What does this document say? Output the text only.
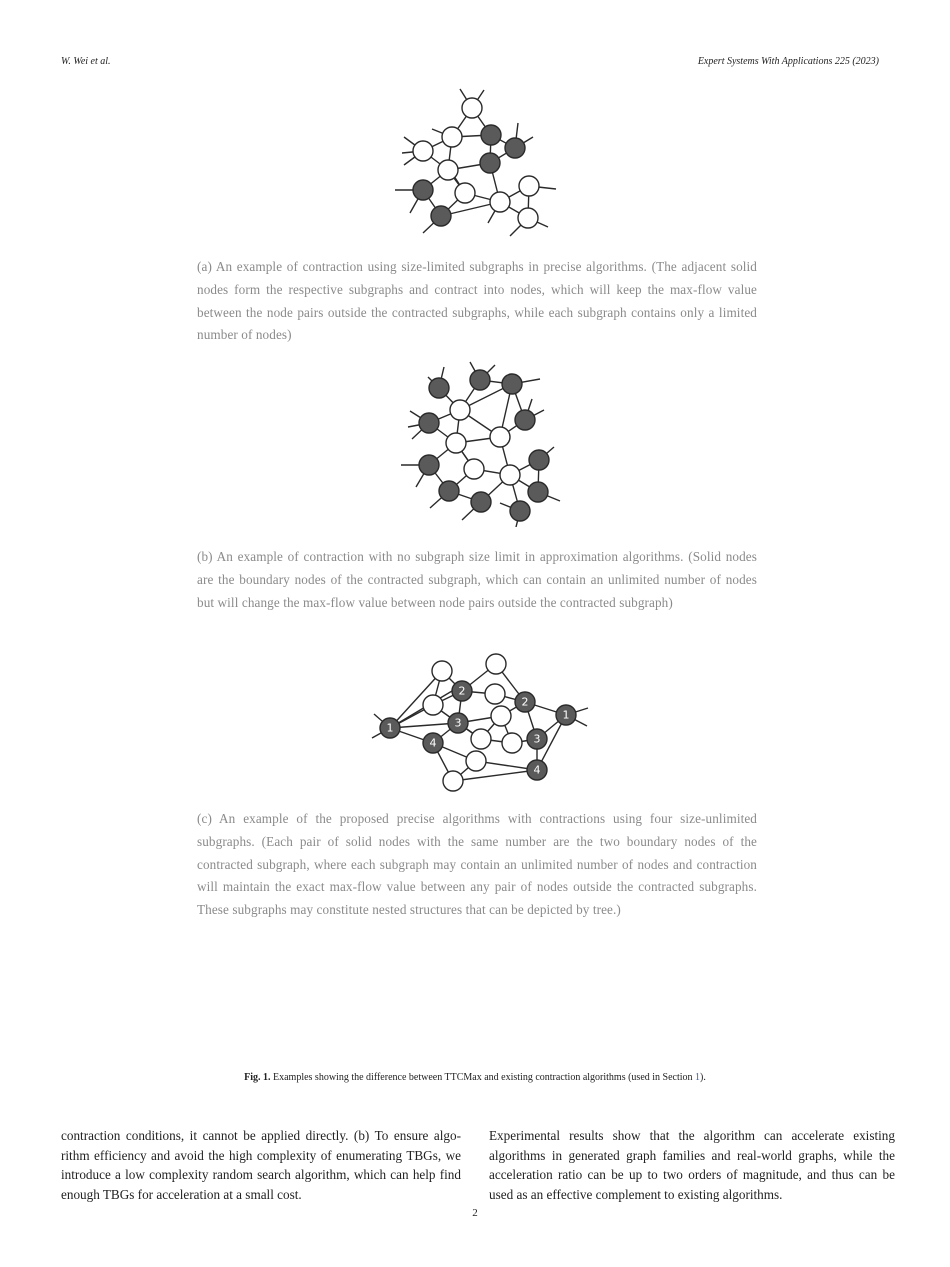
W. Wei et al.	Expert Systems With Applications 225 (2023)
(a) An example of contraction using size-limited subgraphs in precise algorithms. (The adjacent solid nodes form the respective subgraphs and contract into nodes, which will keep the max-flow value between the node pairs outside the contracted subgraphs, while each subgraph contains only a limited number of nodes)
(b) An example of contraction with no subgraph size limit in approximation algorithms. (Solid nodes are the boundary nodes of the contracted subgraph, which can contain an unlimited number of nodes but will change the max-flow value between node pairs outside the contracted subgraph)
1
2
2
1
3
3
4
4
(c) An example of the proposed precise algorithms with contractions using four size-unlimited subgraphs. (Each pair of solid nodes with the same number are the two boundary nodes of the contracted subgraph, where each subgraph may contain an unlimited number of nodes and contraction will maintain the exact max-flow value between any pair of nodes outside the contracted subgraphs. These subgraphs may constitute nested structures that can be depicted by tree.)
Fig. 1. Examples showing the difference between TTCMax and existing contraction algorithms (used in Section 1).
contraction conditions, it cannot be applied directly. (b) To ensure algo- rithm efficiency and avoid the high complexity of enumerating TBGs, we introduce a low complexity random search algorithm, which can help find enough TBGs for acceleration at a small cost.
Experimental results show that the algorithm can accelerate existing algorithms in generated graph families and real-world graphs, while the acceleration ratio can be up to two orders of magnitude, and thus can be used as an effective complement to existing algorithms.
2
